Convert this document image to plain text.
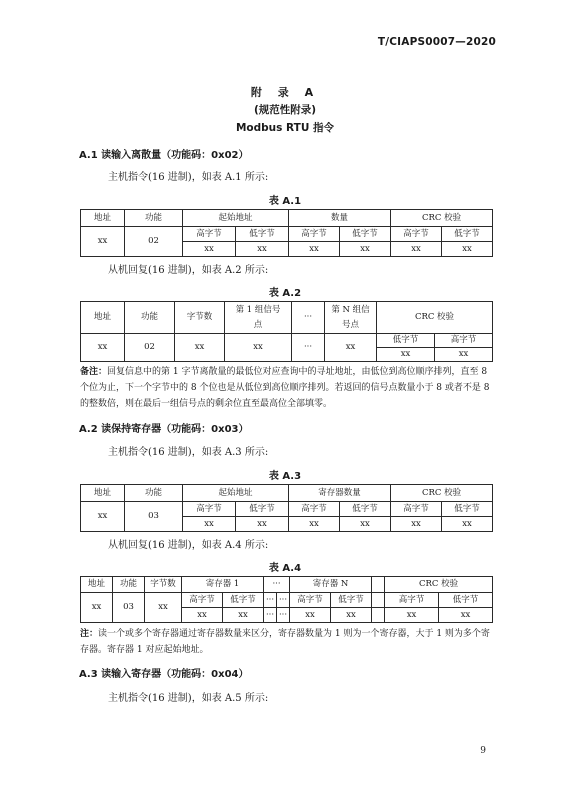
T/CIAPS0007—2020
附 录 A
(规范性附录)
Modbus RTU 指令
A.1 读输入离散量（功能码：0x02）
主机指令(16 进制)，如表 A.1 所示:
表 A.1
地址	功能	起始地址		数量		CRC 校验	
xx	02	高字节	低字节	高字节	低字节	高字节	低字节
		xx	xx	xx	xx	xx	xx
从机回复(16 进制)，如表 A.2 所示:
表 A.2
地址	功能	字节数	第 1 组信号点	···	第 N 组信号点	CRC 校验	

xx	02	xx	xx	···	xx	低字节	高字节
						xx	xx
备注：回复信息中的第 1 字节离散量的最低位对应查询中的寻址地址，由低位到高位顺序排列，直至 8 个位为止，下一个字节中的 8 个位也是从低位到高位顺序排列。若返回的信号点数量小于 8 或者不是 8 的整数倍，则在最后一组信号点的剩余位直至最高位全部填零。
A.2 读保持寄存器（功能码：0x03）
主机指令(16 进制)，如表 A.3 所示:
表 A.3
地址	功能	起始地址		寄存器数量		CRC 校验	
xx	03	高字节	低字节	高字节	低字节	高字节	低字节
		xx	xx	xx	xx	xx	xx
从机回复(16 进制)，如表 A.4 所示:
表 A.4
地址	功能	字节数	寄存器 1		···		寄存器 N			CRC 校验	
xx	03	xx	高字节	低字节	···	···	高字节	低字节		高字节	低字节
			xx	xx	···	···	xx	xx		xx	xx
注：读一个或多个寄存器通过寄存器数量来区分，寄存器数量为 1 则为一个寄存器，大于 1 则为多个寄存器。寄存器 1 对应起始地址。
A.3 读输入寄存器（功能码：0x04）
主机指令(16 进制)，如表 A.5 所示:
9
